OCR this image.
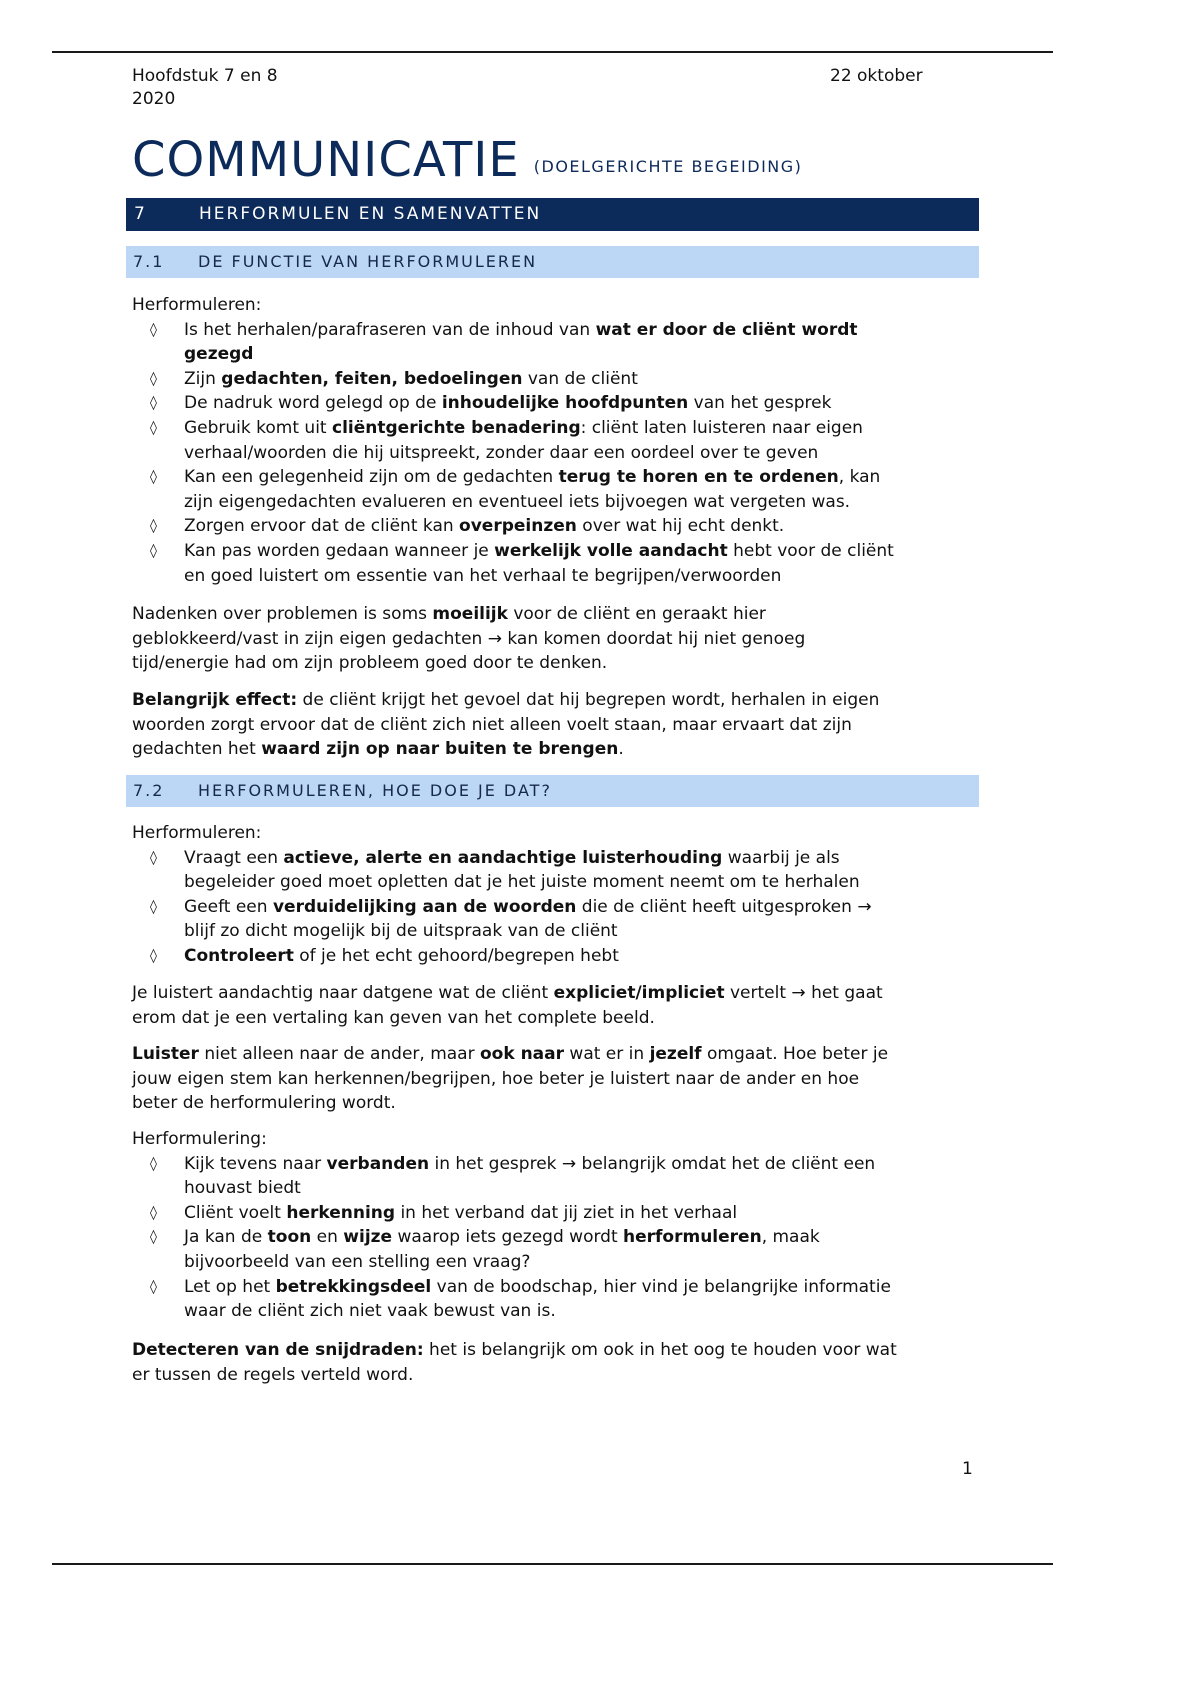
Hoofdstuk 7 en 8
2020
22 oktober
COMMUNICATIE (DOELGERICHTE BEGEIDING)
7	HERFORMULEN EN SAMENVATTEN
7.1 DE FUNCTIE VAN HERFORMULEREN

Herformuleren:

◊ Is het herhalen/parafraseren van de inhoud van wat er door de cliënt wordt
gezegd
◊ Zijn gedachten, feiten, bedoelingen van de cliënt
◊ De nadruk word gelegd op de inhoudelijke hoofdpunten van het gesprek
◊ Gebruik komt uit cliëntgerichte benadering: cliënt laten luisteren naar eigen
verhaal/woorden die hij uitspreekt, zonder daar een oordeel over te geven
◊ Kan een gelegenheid zijn om de gedachten terug te horen en te ordenen, kan
zijn eigengedachten evalueren en eventueel iets bijvoegen wat vergeten was.
◊ Zorgen ervoor dat de cliënt kan overpeinzen over wat hij echt denkt.
◊ Kan pas worden gedaan wanneer je werkelijk volle aandacht hebt voor de cliënt
en goed luistert om essentie van het verhaal te begrijpen/verwoorden

Nadenken over problemen is soms moeilijk voor de cliënt en geraakt hier
geblokkeerd/vast in zijn eigen gedachten → kan komen doordat hij niet genoeg
tijd/energie had om zijn probleem goed door te denken.

Belangrijk effect: de cliënt krijgt het gevoel dat hij begrepen wordt, herhalen in eigen
woorden zorgt ervoor dat de cliënt zich niet alleen voelt staan, maar ervaart dat zijn
gedachten het waard zijn op naar buiten te brengen.

7.2 HERFORMULEREN, HOE DOE JE DAT?

Herformuleren:

◊ Vraagt een actieve, alerte en aandachtige luisterhouding waarbij je als
begeleider goed moet opletten dat je het juiste moment neemt om te herhalen
◊ Geeft een verduidelijking aan de woorden die de cliënt heeft uitgesproken →
blijf zo dicht mogelijk bij de uitspraak van de cliënt
◊ Controleert of je het echt gehoord/begrepen hebt

Je luistert aandachtig naar datgene wat de cliënt expliciet/impliciet vertelt → het gaat
erom dat je een vertaling kan geven van het complete beeld.

Luister niet alleen naar de ander, maar ook naar wat er in jezelf omgaat. Hoe beter je
jouw eigen stem kan herkennen/begrijpen, hoe beter je luistert naar de ander en hoe
beter de herformulering wordt.

Herformulering:

◊ Kijk tevens naar verbanden in het gesprek → belangrijk omdat het de cliënt een
houvast biedt
◊ Cliënt voelt herkenning in het verband dat jij ziet in het verhaal
◊ Ja kan de toon en wijze waarop iets gezegd wordt herformuleren, maak
bijvoorbeeld van een stelling een vraag?
◊ Let op het betrekkingsdeel van de boodschap, hier vind je belangrijke informatie
waar de cliënt zich niet vaak bewust van is.

Detecteren van de snijdraden: het is belangrijk om ook in het oog te houden voor wat
er tussen de regels verteld word.

1
